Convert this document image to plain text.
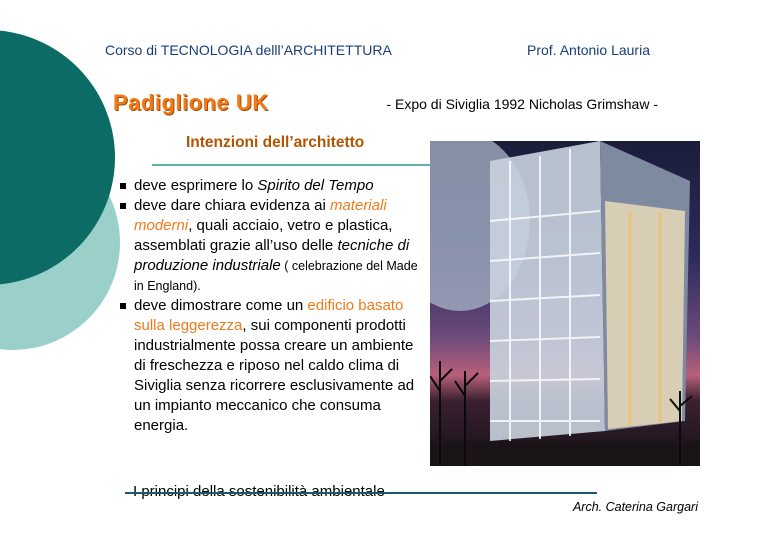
Corso di TECNOLOGIA delll’ARCHITETTURA	Prof. Antonio Lauria
Padiglione UK	- Expo di Siviglia 1992 Nicholas Grimshaw -
Intenzioni dell’architetto
deve esprimere lo Spirito del Tempo
deve dare chiara evidenza ai materiali moderni, quali acciaio, vetro e plastica, assemblati grazie all’uso delle tecniche di produzione industriale ( celebrazione del Made in England).
deve dimostrare come un edificio basato sulla leggerezza, sui componenti prodotti industrialmente possa creare un ambiente di freschezza e riposo nel caldo clima di Siviglia senza ricorrere esclusivamente ad un impianto meccanico che consuma energia.
Arch. Caterina Gargari
